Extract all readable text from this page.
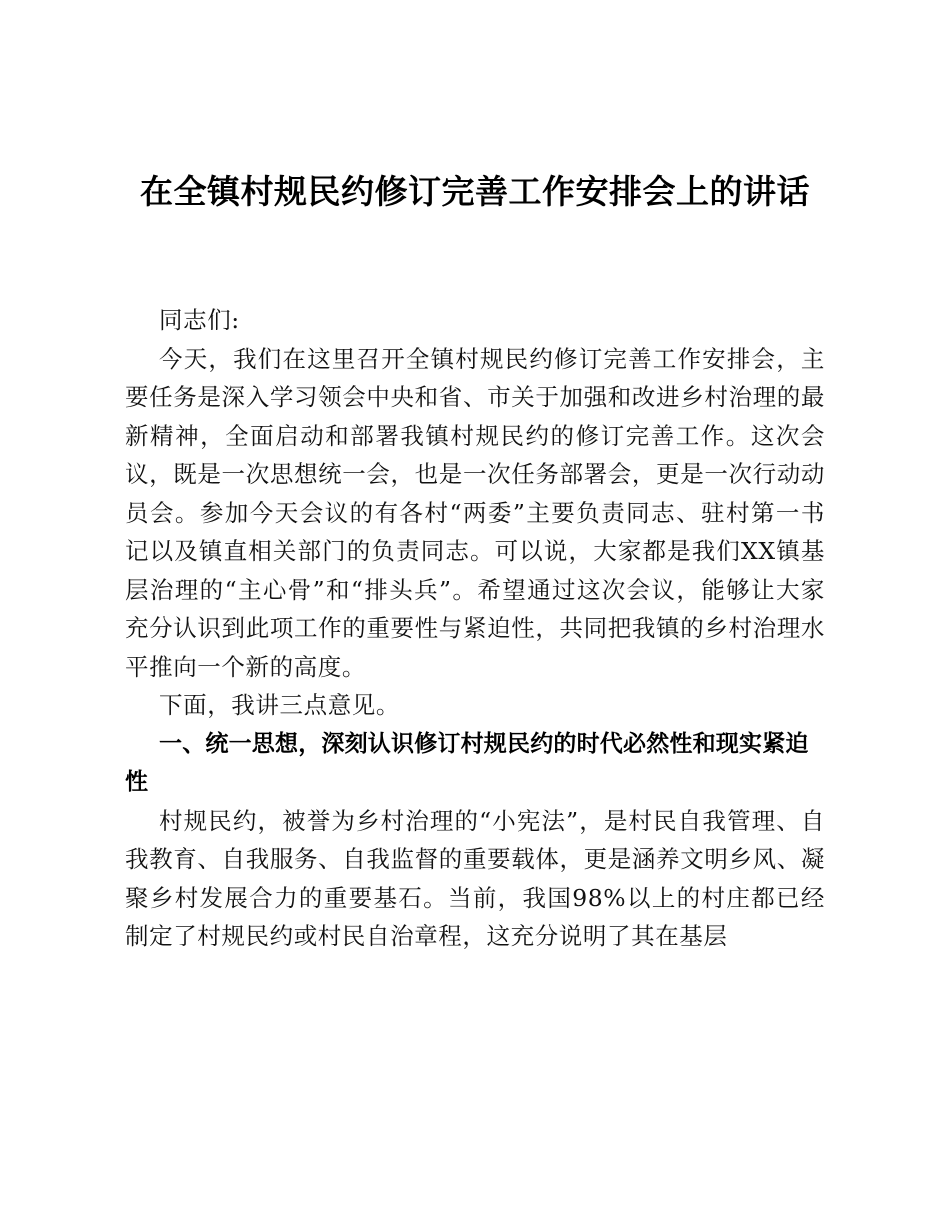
在全镇村规民约修订完善工作安排会上的讲话

同志们:

今天，我们在这里召开全镇村规民约修订完善工作安排会，主要任务是深入学习领会中央和省、市关于加强和改进乡村治理的最新精神，全面启动和部署我镇村规民约的修订完善工作。这次会议，既是一次思想统一会，也是一次任务部署会，更是一次行动动员会。参加今天会议的有各村“两委”主要负责同志、驻村第一书记以及镇直相关部门的负责同志。可以说，大家都是我们XX镇基层治理的“主心骨”和“排头兵”。希望通过这次会议，能够让大家充分认识到此项工作的重要性与紧迫性，共同把我镇的乡村治理水平推向一个新的高度。

下面，我讲三点意见。

一、统一思想，深刻认识修订村规民约的时代必然性和现实紧迫性

村规民约，被誉为乡村治理的“小宪法”，是村民自我管理、自我教育、自我服务、自我监督的重要载体，更是涵养文明乡风、凝聚乡村发展合力的重要基石。当前，我国98%以上的村庄都已经制定了村规民约或村民自治章程，这充分说明了其在基层
